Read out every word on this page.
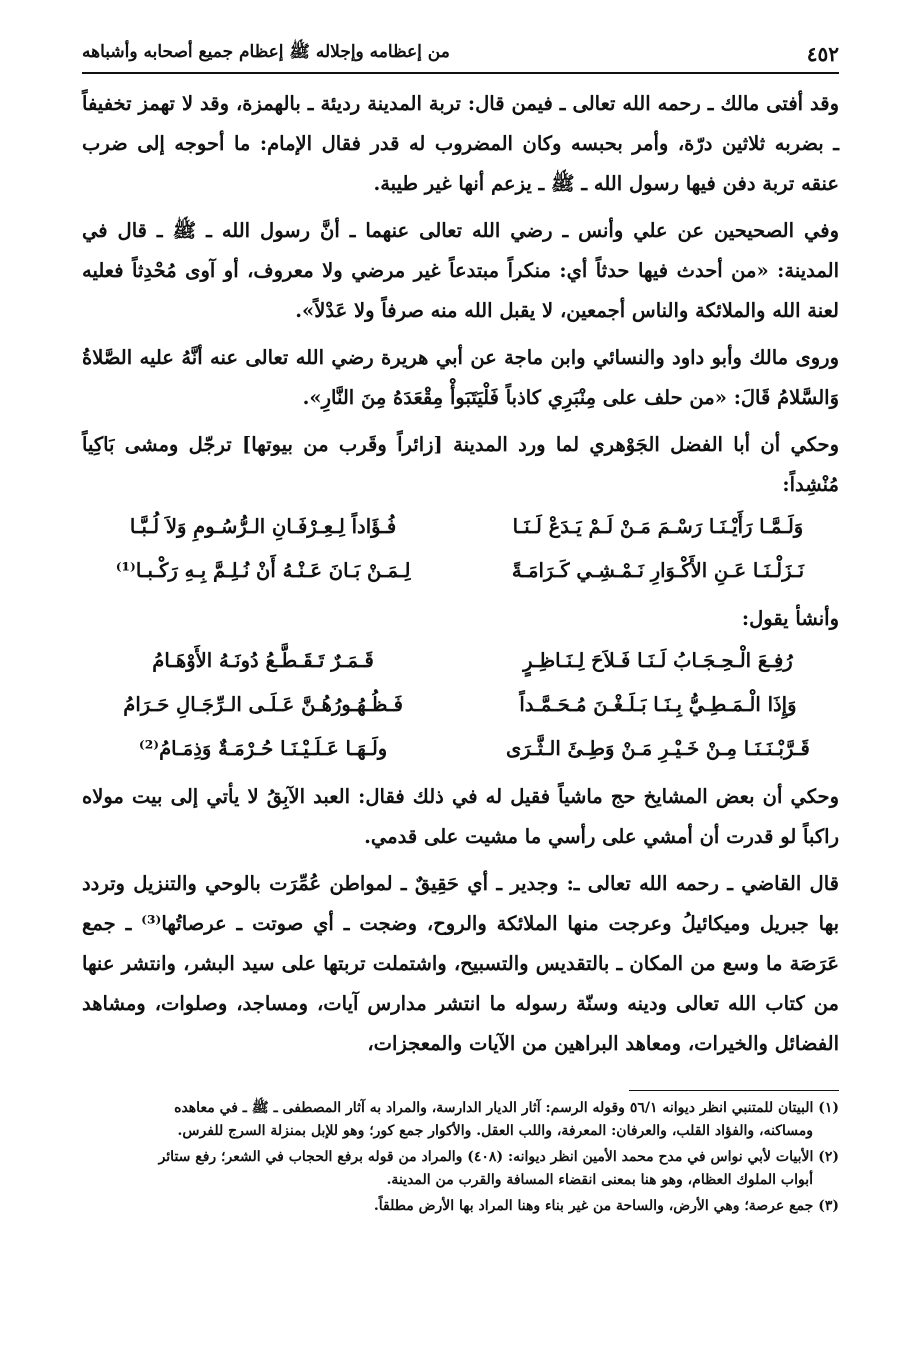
٤٥٢
من إعظامه وإجلاله ﷺ إعظام جميع أصحابه وأشباهه

وقد أفتى مالك ـ رحمه الله تعالى ـ فيمن قال: تربة المدينة رديئة ـ بالهمزة، وقد لا تهمز تخفيفاً ـ بضربه ثلاثين درّة، وأمر بحبسه وكان المضروب له قدر فقال الإمام: ما أحوجه إلى ضرب عنقه تربة دفن فيها رسول الله ـ ﷺ ـ يزعم أنها غير طيبة.

وفي الصحيحين عن علي وأنس ـ رضي الله تعالى عنهما ـ أنَّ رسول الله ـ ﷺ ـ قال في المدينة: «من أحدث فيها حدثاً أي: منكراً مبتدعاً غير مرضي ولا معروف، أو آوى مُحْدِثاً فعليه لعنة الله والملائكة والناس أجمعين، لا يقبل الله منه صرفاً ولا عَدْلاً».

وروى مالك وأبو داود والنسائي وابن ماجة عن أبي هريرة رضي الله تعالى عنه أنَّهُ عليه الصَّلاةُ وَالسَّلامُ قَالَ: «من حلف على مِنْبَرِي كاذباً فَلْيَتَبَوأْ مِقْعَدَهُ مِنَ النَّارِ».

وحكي أن أبا الفضل الجَوْهري لما ورد المدينة [زائراً وقَرب من بيوتها] ترجّل ومشى بَاكِياً مُنْشِداً:

وَلَـمَّـا رَأَيْـنَـا رَسْـمَ مَـنْ لَـمْ يَـدَعْ لَـنَـا
فُـؤَاداً لِـعِـرْفَـانِ الـرُّسُـومِ وَلاَ لُـبَّـا
نَـزَلْـنَـا عَـنِ الأَكْـوَارِ نَـمْـشِـي كَـرَامَـةً
لِـمَـنْ بَـانَ عَـنْـهُ أَنْ نُـلِـمَّ بِـهِ رَكْـبـا⁽¹⁾

وأنشأ يقول:

رُفِـعَ الْـحِـجَـابُ لَـنَـا فَـلاَحَ لِـنَـاظِـرٍ
قَـمَـرٌ تَـقَـطَّـعُ دُونَـهُ الأَوْهَـامُ
وَإِذَا الْـمَـطِـيُّ بِـنَـا بَـلَـغْـنَ مُـحَـمَّـداً
فَـظُـهُـورُهُـنَّ عَـلَـى الـرِّجَـالِ حَـرَامُ
قَـرَّبْـنَـنَـا مِـنْ خَـيْـرِ مَـنْ وَطِـئَ الـثَّـرَى
ولَـهَـا عَـلَـيْـنَـا حُـرْمَـةٌ وَذِمَـامُ⁽²⁾

وحكي أن بعض المشايخ حج ماشياً فقيل له في ذلك فقال: العبد الآبِقُ لا يأتي إلى بيت مولاه راكباً لو قدرت أن أمشي على رأسي ما مشيت على قدمي.

قال القاضي ـ رحمه الله تعالى ـ: وجدير ـ أي حَقِيقٌ ـ لمواطن عُمِّرَت بالوحي والتنزيل وتردد بها جبريل وميكائيلُ وعرجت منها الملائكة والروح، وضجت ـ أي صوتت ـ عرصاتُها⁽³⁾ ـ جمع عَرَصَة ما وسع من المكان ـ بالتقديس والتسبيح، واشتملت تربتها على سيد البشر، وانتشر عنها من كتاب الله تعالى ودينه وسنّة رسوله ما انتشر مدارس آيات، ومساجد، وصلوات، ومشاهد الفضائل والخيرات، ومعاهد البراهين من الآيات والمعجزات،

(١) البيتان للمتنبي انظر ديوانه ٥٦/١ وقوله الرسم: آثار الديار الدارسة، والمراد به آثار المصطفى ـ ﷺ ـ في معاهده
ومساكنه، والفؤاد القلب، والعرفان: المعرفة، واللب العقل. والأكوار جمع كور؛ وهو للإبل بمنزلة السرج للفرس.
(٢) الأبيات لأبي نواس في مدح محمد الأمين انظر ديوانه: (٤٠٨) والمراد من قوله برفع الحجاب في الشعر؛ رفع ستائر
أبواب الملوك العظام، وهو هنا بمعنى انقضاء المسافة والقرب من المدينة.
(٣) جمع عرصة؛ وهي الأرض، والساحة من غير بناء وهنا المراد بها الأرض مطلقاً.
